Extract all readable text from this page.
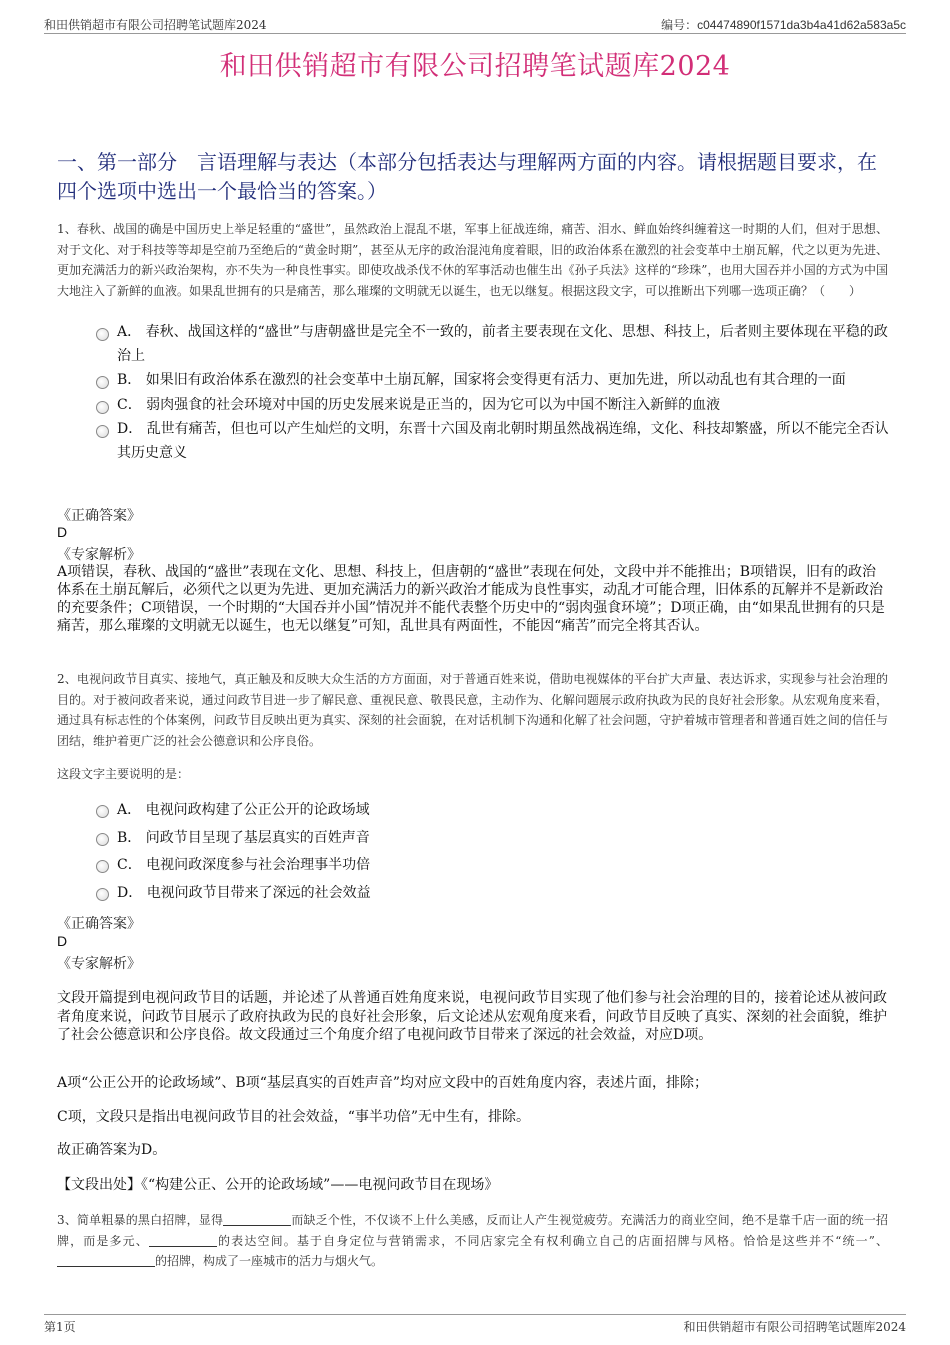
和田供销超市有限公司招聘笔试题库2024	编号：c04474890f1571da3b4a41d62a583a5c
和田供销超市有限公司招聘笔试题库2024
一、第一部分　言语理解与表达（本部分包括表达与理解两方面的内容。请根据题目要求，在四个选项中选出一个最恰当的答案。）
1、春秋、战国的确是中国历史上举足轻重的“盛世”，虽然政治上混乱不堪，军事上征战连绵，痛苦、泪水、鲜血始终纠缠着这一时期的人们，但对于思想、对于文化、对于科技等等却是空前乃至绝后的“黄金时期”，甚至从无序的政治混沌角度着眼，旧的政治体系在激烈的社会变革中土崩瓦解，代之以更为先进、更加充满活力的新兴政治架构，亦不失为一种良性事实。即使攻战杀伐不休的军事活动也催生出《孙子兵法》这样的“珍珠”，也用大国吞并小国的方式为中国大地注入了新鲜的血液。如果乱世拥有的只是痛苦，那么璀璨的文明就无以诞生，也无以继复。根据这段文字，可以推断出下列哪一选项正确？（　　）
A． 春秋、战国这样的“盛世”与唐朝盛世是完全不一致的，前者主要表现在文化、思想、科技上，后者则主要体现在平稳的政治上
B． 如果旧有政治体系在激烈的社会变革中土崩瓦解，国家将会变得更有活力、更加先进，所以动乱也有其合理的一面
C． 弱肉强食的社会环境对中国的历史发展来说是正当的，因为它可以为中国不断注入新鲜的血液
D． 乱世有痛苦，但也可以产生灿烂的文明，东晋十六国及南北朝时期虽然战祸连绵，文化、科技却繁盛，所以不能完全否认其历史意义
《正确答案》
D
《专家解析》
A项错误，春秋、战国的“盛世”表现在文化、思想、科技上，但唐朝的“盛世”表现在何处，文段中并不能推出；B项错误，旧有的政治体系在土崩瓦解后，必须代之以更为先进、更加充满活力的新兴政治才能成为良性事实，动乱才可能合理，旧体系的瓦解并不是新政治的充要条件；C项错误，一个时期的“大国吞并小国”情况并不能代表整个历史中的“弱肉强食环境”；D项正确，由“如果乱世拥有的只是痛苦，那么璀璨的文明就无以诞生，也无以继复”可知，乱世具有两面性，不能因“痛苦”而完全将其否认。
2、电视问政节目真实、接地气，真正触及和反映大众生活的方方面面，对于普通百姓来说，借助电视媒体的平台扩大声量、表达诉求，实现参与社会治理的目的。对于被问政者来说，通过问政节目进一步了解民意、重视民意、敬畏民意，主动作为、化解问题展示政府执政为民的良好社会形象。从宏观角度来看，通过具有标志性的个体案例，问政节目反映出更为真实、深刻的社会面貌，在对话机制下沟通和化解了社会问题，守护着城市管理者和普通百姓之间的信任与团结，维护着更广泛的社会公德意识和公序良俗。
这段文字主要说明的是：
A． 电视问政构建了公正公开的论政场域
B． 问政节目呈现了基层真实的百姓声音
C． 电视问政深度参与社会治理事半功倍
D． 电视问政节目带来了深远的社会效益
《正确答案》
D
《专家解析》
文段开篇提到电视问政节目的话题，并论述了从普通百姓角度来说，电视问政节目实现了他们参与社会治理的目的，接着论述从被问政者角度来说，问政节目展示了政府执政为民的良好社会形象，后文论述从宏观角度来看，问政节目反映了真实、深刻的社会面貌，维护了社会公德意识和公序良俗。故文段通过三个角度介绍了电视问政节目带来了深远的社会效益，对应D项。
A项“公正公开的论政场域”、B项“基层真实的百姓声音”均对应文段中的百姓角度内容，表述片面，排除；
C项，文段只是指出电视问政节目的社会效益，“事半功倍”无中生有，排除。
故正确答案为D。
【文段出处】《“构建公正、公开的论政场域”——电视问政节目在现场》
3、简单粗暴的黑白招牌，显得	而缺乏个性，不仅谈不上什么美感，反而让人产生视觉疲劳。充满活力的商业空间，绝不是靠千店一面的统一招牌，而是多元、	的表达空间。基于自身定位与营销需求，不同店家完全有权利确立自己的店面招牌与风格。恰恰是这些并不“统一”、的招牌，构成了一座城市的活力与烟火气。
第1页	和田供销超市有限公司招聘笔试题库2024
